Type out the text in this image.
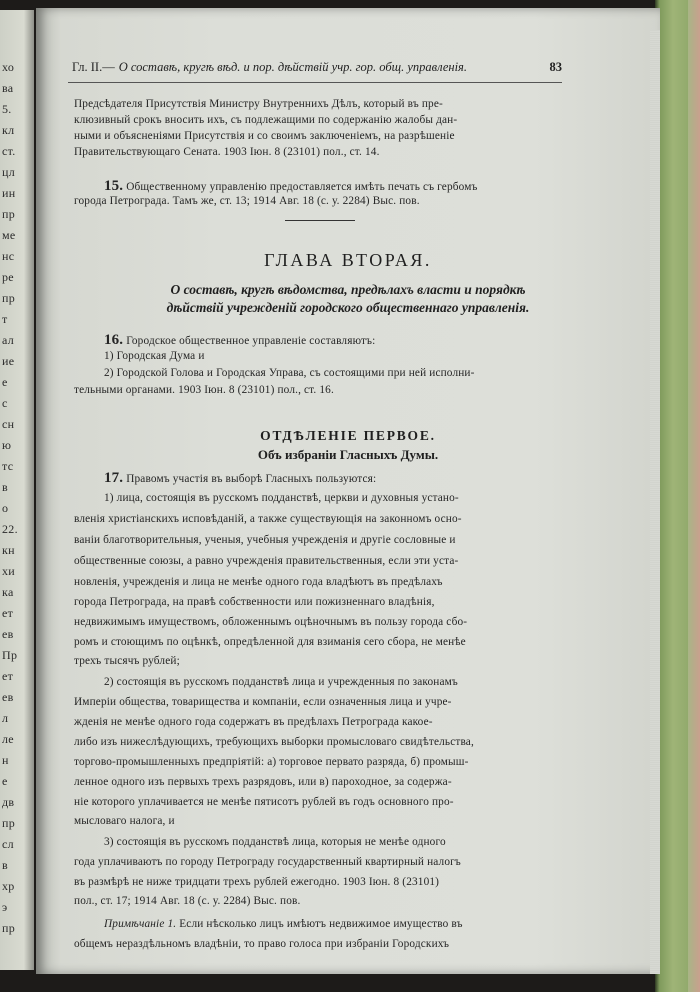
хо
ва
5.
кл
ст.
цл
ин
пр
ме
нс
ре
пр
т
ал
ие
е
с
сн
ю
тс
в
о
22.
кн
хи
ка
ет
ев
Пр
ет
ев
л
ле
н
е
дв
пр
сл
в
хр
э
пр
Гл. II.— О составѣ, кругѣ вѣд. и пор. дѣйствій учр. гор. общ. управленія.	83
Предсѣдателя Присутствія Министру Внутреннихъ Дѣлъ, который въ пре-
клюзивный срокъ вносить ихъ, съ подлежащими по содержанію жалобы дан-
ными и объясненіями Присутствія и со своимъ заключеніемъ, на разрѣшеніе
Правительствующаго Сената. 1903 Іюн. 8 (23101) пол., ст. 14.
15. Общественному управленію предоставляется имѣть печать съ гербомъ
города Петрограда. Тамъ же, ст. 13; 1914 Авг. 18 (с. у. 2284) Выс. пов.
ГЛАВА ВТОРАЯ.
О составѣ, кругѣ вѣдомства, предѣлахъ власти и порядкѣ
дѣйствій учрежденій городского общественнаго управленія.
16. Городское общественное управленіе составляютъ:
1) Городская Дума и
2) Городской Голова и Городская Управа, съ состоящими при ней исполни-
тельными органами. 1903 Іюн. 8 (23101) пол., ст. 16.
ОТДѢЛЕНІЕ ПЕРВОЕ.
Объ избраніи Гласныхъ Думы.
17. Правомъ участія въ выборѣ Гласныхъ пользуются:
1) лица, состоящія въ русскомъ подданствѣ, церкви и духовныя устано-
вленія христіанскихъ исповѣданій, а также существующія на законномъ осно-
ваніи благотворительныя, ученыя, учебныя учрежденія и другіе сословные и
общественные союзы, а равно учрежденія правительственныя, если эти уста-
новленія, учрежденія и лица не менѣе одного года владѣютъ въ предѣлахъ
города Петрограда, на правѣ собственности или пожизненнаго владѣнія,
недвижимымъ имуществомъ, обложеннымъ оцѣночнымъ въ пользу города сбо-
ромъ и стоющимъ по оцѣнкѣ, опредѣленной для взиманія сего сбора, не менѣе
трехъ тысячъ рублей;
2) состоящія въ русскомъ подданствѣ лица и учрежденныя по законамъ
Имперіи общества, товарищества и компаніи, если означенныя лица и учре-
жденія не менѣе одного года содержатъ въ предѣлахъ Петрограда какое-
либо изъ нижеслѣдующихъ, требующихъ выборки промысловаго свидѣтельства,
торгово-промышленныхъ предпріятій: а) торговое первато разряда, б) промыш-
ленное одного изъ первыхъ трехъ разрядовъ, или в) пароходное, за содержа-
ніе которого уплачивается не менѣе пятисотъ рублей въ годъ основного про-
мысловаго налога, и
3) состоящія въ русскомъ подданствѣ лица, которыя не менѣе одного
года уплачиваютъ по городу Петрограду государственный квартирный налогъ
въ размѣрѣ не ниже тридцати трехъ рублей ежегодно. 1903 Іюн. 8 (23101)
пол., ст. 17; 1914 Авг. 18 (с. у. 2284) Выс. пов.
Примѣчаніе 1. Если нѣсколько лицъ имѣютъ недвижимое имущество въ
общемъ нераздѣльномъ владѣніи, то право голоса при избраніи Городскихъ
